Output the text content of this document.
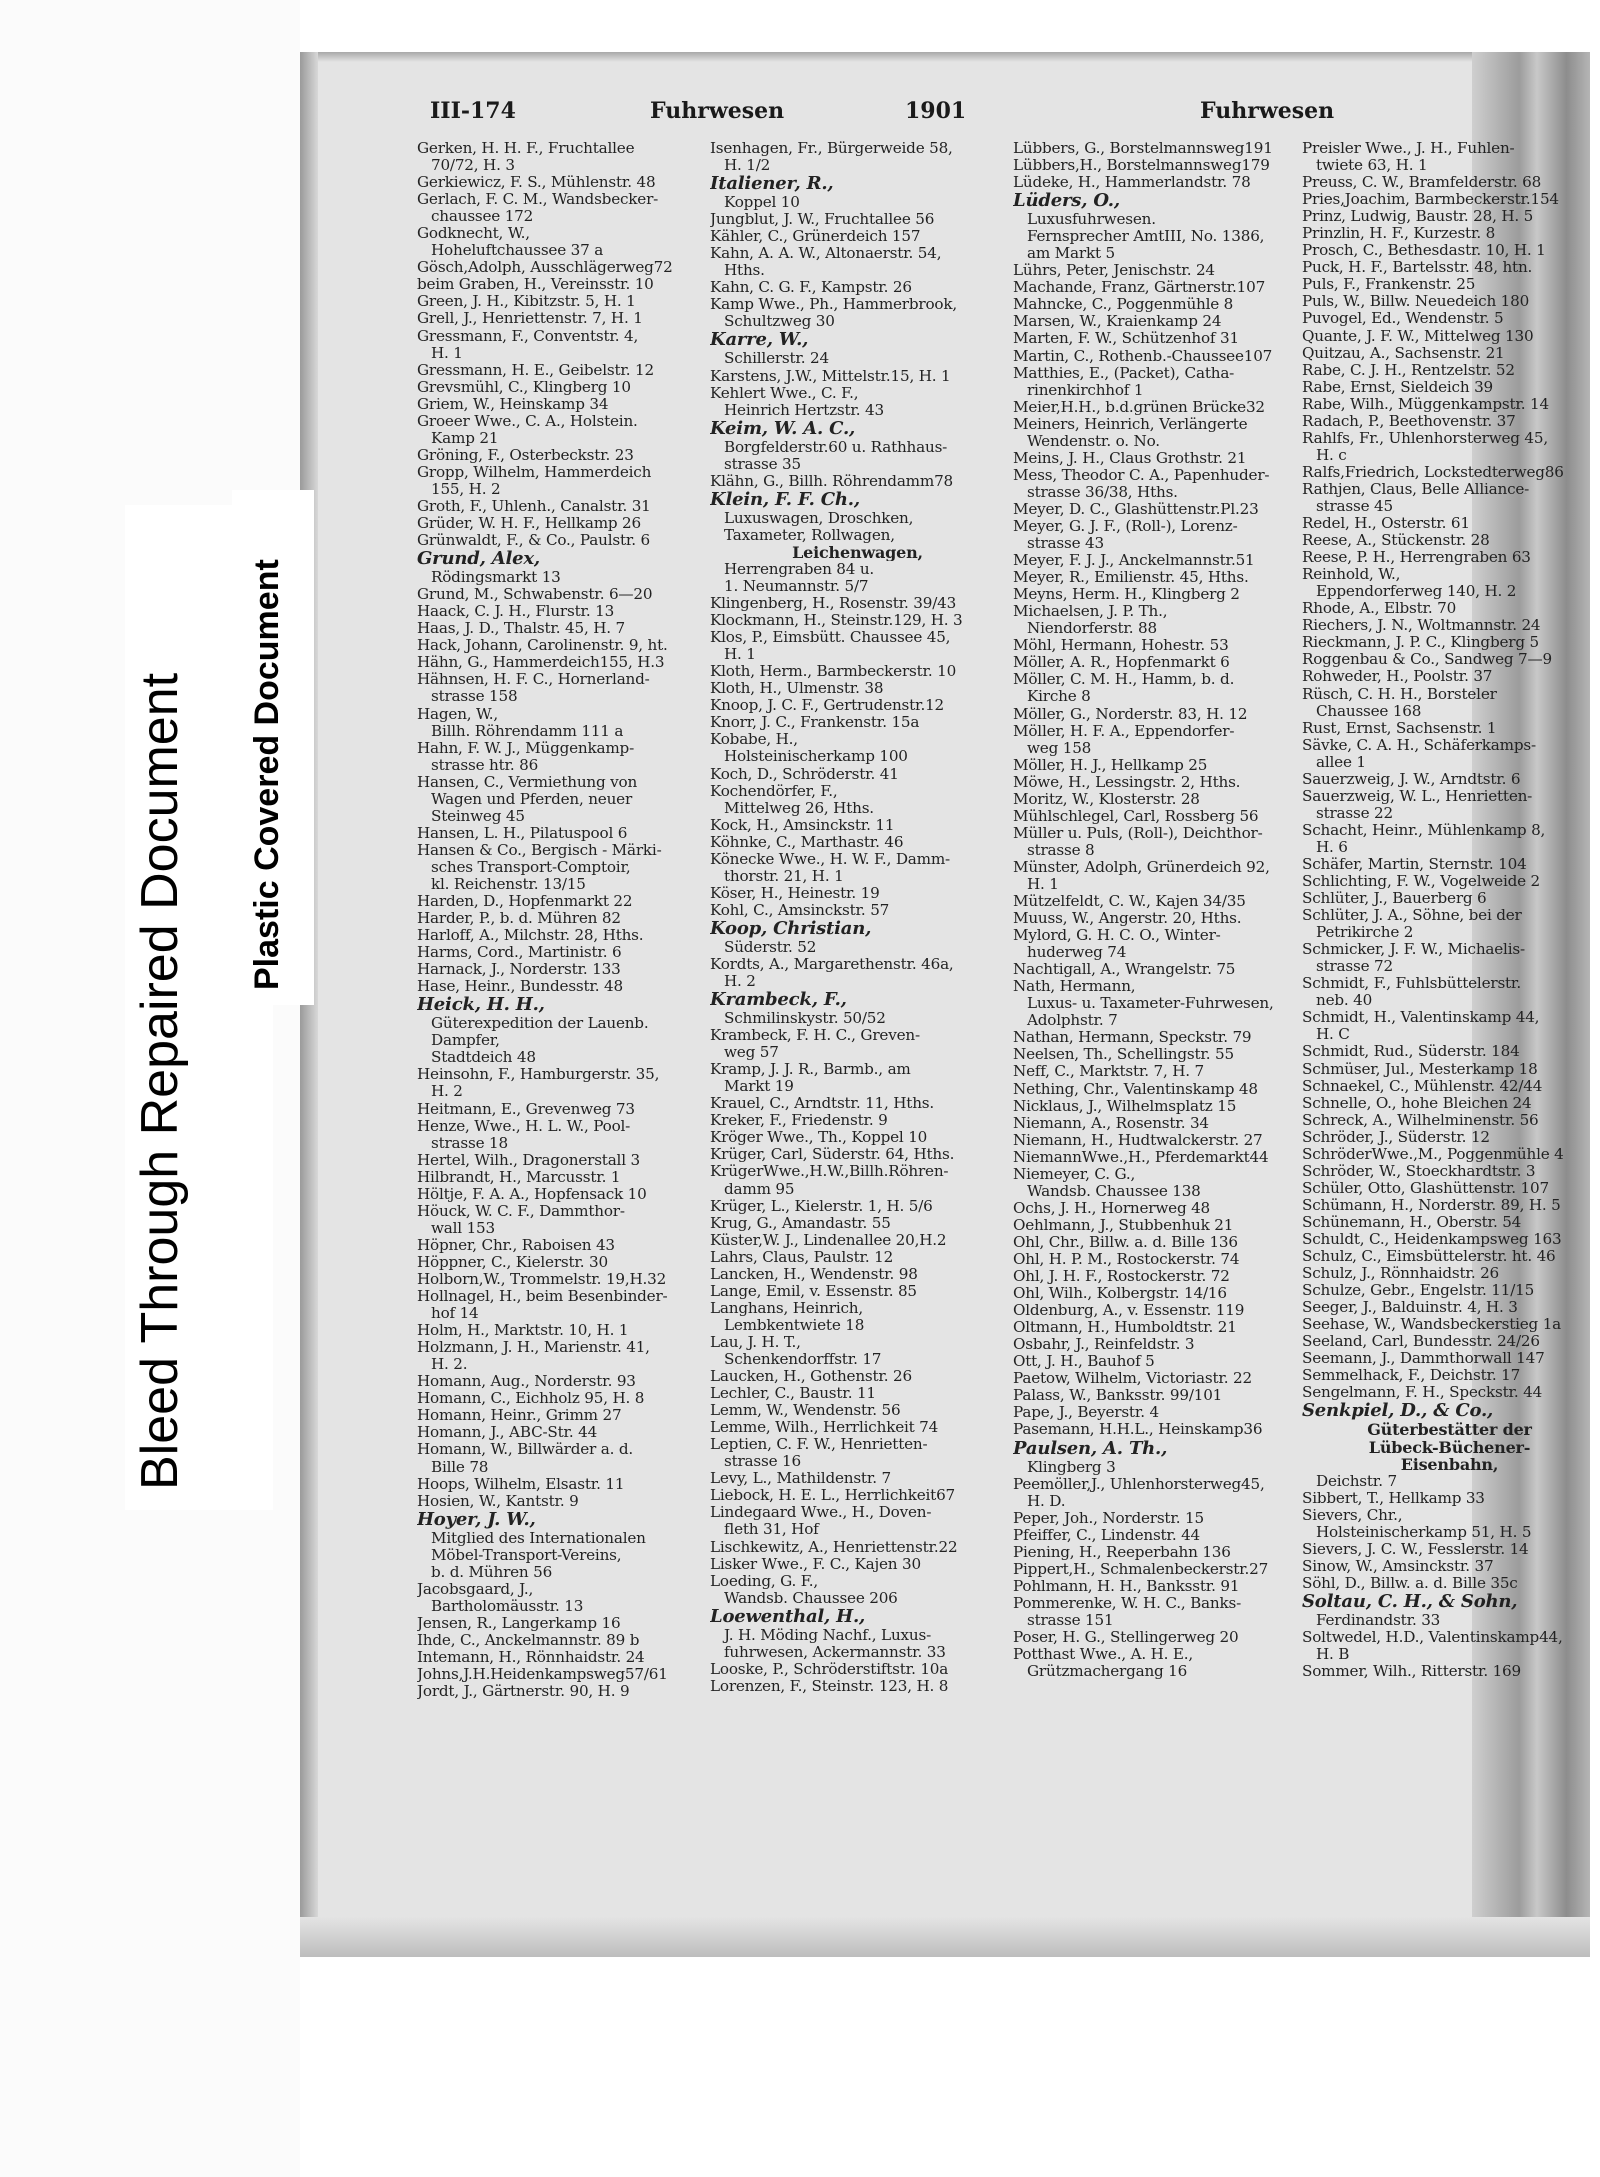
III-174	Fuhrwesen	1901	Fuhrwesen
Gerken, H. H. F., Fruchtallee
70/72, H. 3
Gerkiewicz, F. S., Mühlenstr. 48
Gerlach, F. C. M., Wandsbecker-
chaussee 172
Godknecht, W.,
Hoheluftchaussee 37 a
Gösch,Adolph, Ausschlägerweg72
beim Graben, H., Vereinsstr. 10
Green, J. H., Kibitzstr. 5, H. 1
Grell, J., Henriettenstr. 7, H. 1
Gressmann, F., Conventstr. 4,
H. 1
Gressmann, H. E., Geibelstr. 12
Grevsmühl, C., Klingberg 10
Griem, W., Heinskamp 34
Groeer Wwe., C. A., Holstein.
Kamp 21
Gröning, F., Osterbeckstr. 23
Gropp, Wilhelm, Hammerdeich
155, H. 2
Groth, F., Uhlenh., Canalstr. 31
Grüder, W. H. F., Hellkamp 26
Grünwaldt, F., & Co., Paulstr. 6
Grund, Alex,
Rödingsmarkt 13
Grund, M., Schwabenstr. 6—20
Haack, C. J. H., Flurstr. 13
Haas, J. D., Thalstr. 45, H. 7
Hack, Johann, Carolinenstr. 9, ht.
Hähn, G., Hammerdeich155, H.3
Hähnsen, H. F. C., Hornerland-
strasse 158
Hagen, W.,
Billh. Röhrendamm 111 a
Hahn, F. W. J., Müggenkamp-
strasse htr. 86
Hansen, C., Vermiethung von
Wagen und Pferden, neuer
Steinweg 45
Hansen, L. H., Pilatuspool 6
Hansen & Co., Bergisch - Märki-
sches Transport-Comptoir,
kl. Reichenstr. 13/15
Harden, D., Hopfenmarkt 22
Harder, P., b. d. Mühren 82
Harloff, A., Milchstr. 28, Hths.
Harms, Cord., Martinistr. 6
Harnack, J., Norderstr. 133
Hase, Heinr., Bundesstr. 48
Heick, H. H.,
Güterexpedition der Lauenb.
Dampfer,
Stadtdeich 48
Heinsohn, F., Hamburgerstr. 35,
H. 2
Heitmann, E., Grevenweg 73
Henze, Wwe., H. L. W., Pool-
strasse 18
Hertel, Wilh., Dragonerstall 3
Hilbrandt, H., Marcusstr. 1
Höltje, F. A. A., Hopfensack 10
Höuck, W. C. F., Dammthor-
wall 153
Höpner, Chr., Raboisen 43
Höppner, C., Kielerstr. 30
Holborn,W., Trommelstr. 19,H.32
Hollnagel, H., beim Besenbinder-
hof 14
Holm, H., Marktstr. 10, H. 1
Holzmann, J. H., Marienstr. 41,
H. 2.
Homann, Aug., Norderstr. 93
Homann, C., Eichholz 95, H. 8
Homann, Heinr., Grimm 27
Homann, J., ABC-Str. 44
Homann, W., Billwärder a. d.
Bille 78
Hoops, Wilhelm, Elsastr. 11
Hosien, W., Kantstr. 9
Hoyer, J. W.,
Mitglied des Internationalen
Möbel-Transport-Vereins,
b. d. Mühren 56
Jacobsgaard, J.,
Bartholomäusstr. 13
Jensen, R., Langerkamp 16
Ihde, C., Anckelmannstr. 89 b
Intemann, H., Rönnhaidstr. 24
Johns,J.H.Heidenkampsweg57/61
Jordt, J., Gärtnerstr. 90, H. 9
Isenhagen, Fr., Bürgerweide 58,
H. 1/2
Italiener, R.,
Koppel 10
Jungblut, J. W., Fruchtallee 56
Kähler, C., Grünerdeich 157
Kahn, A. A. W., Altonaerstr. 54,
Hths.
Kahn, C. G. F., Kampstr. 26
Kamp Wwe., Ph., Hammerbrook,
Schultzweg 30
Karre, W.,
Schillerstr. 24
Karstens, J.W., Mittelstr.15, H. 1
Kehlert Wwe., C. F.,
Heinrich Hertzstr. 43
Keim, W. A. C.,
Borgfelderstr.60 u. Rathhaus-
strasse 35
Klähn, G., Billh. Röhrendamm78
Klein, F. F. Ch.,
Luxuswagen, Droschken,
Taxameter, Rollwagen,
Leichenwagen,
Herrengraben 84 u.
1. Neumannstr. 5/7
Klingenberg, H., Rosenstr. 39/43
Klockmann, H., Steinstr.129, H. 3
Klos, P., Eimsbütt. Chaussee 45,
H. 1
Kloth, Herm., Barmbeckerstr. 10
Kloth, H., Ulmenstr. 38
Knoop, J. C. F., Gertrudenstr.12
Knorr, J. C., Frankenstr. 15a
Kobabe, H.,
Holsteinischerkamp 100
Koch, D., Schröderstr. 41
Kochendörfer, F.,
Mittelweg 26, Hths.
Kock, H., Amsinckstr. 11
Köhnke, C., Marthastr. 46
Könecke Wwe., H. W. F., Damm-
thorstr. 21, H. 1
Köser, H., Heinestr. 19
Kohl, C., Amsinckstr. 57
Koop, Christian,
Süderstr. 52
Kordts, A., Margarethenstr. 46a,
H. 2
Krambeck, F.,
Schmilinskystr. 50/52
Krambeck, F. H. C., Greven-
weg 57
Kramp, J. J. R., Barmb., am
Markt 19
Krauel, C., Arndtstr. 11, Hths.
Kreker, F., Friedenstr. 9
Kröger Wwe., Th., Koppel 10
Krüger, Carl, Süderstr. 64, Hths.
KrügerWwe.,H.W.,Billh.Röhren-
damm 95
Krüger, L., Kielerstr. 1, H. 5/6
Krug, G., Amandastr. 55
Küster,W. J., Lindenallee 20,H.2
Lahrs, Claus, Paulstr. 12
Lancken, H., Wendenstr. 98
Lange, Emil, v. Essenstr. 85
Langhans, Heinrich,
Lembkentwiete 18
Lau, J. H. T.,
Schenkendorffstr. 17
Laucken, H., Gothenstr. 26
Lechler, C., Baustr. 11
Lemm, W., Wendenstr. 56
Lemme, Wilh., Herrlichkeit 74
Leptien, C. F. W., Henrietten-
strasse 16
Levy, L., Mathildenstr. 7
Liebock, H. E. L., Herrlichkeit67
Lindegaard Wwe., H., Doven-
fleth 31, Hof
Lischkewitz, A., Henriettenstr.22
Lisker Wwe., F. C., Kajen 30
Loeding, G. F.,
Wandsb. Chaussee 206
Loewenthal, H.,
J. H. Möding Nachf., Luxus-
fuhrwesen, Ackermannstr. 33
Looske, P., Schröderstiftstr. 10a
Lorenzen, F., Steinstr. 123, H. 8
Lübbers, G., Borstelmannsweg191
Lübbers,H., Borstelmannsweg179
Lüdeke, H., Hammerlandstr. 78
Lüders, O.,
Luxusfuhrwesen.
Fernsprecher AmtIII, No. 1386,
am Markt 5
Lührs, Peter, Jenischstr. 24
Machande, Franz, Gärtnerstr.107
Mahncke, C., Poggenmühle 8
Marsen, W., Kraienkamp 24
Marten, F. W., Schützenhof 31
Martin, C., Rothenb.-Chaussee107
Matthies, E., (Packet), Catha-
rinenkirchhof 1
Meier,H.H., b.d.grünen Brücke32
Meiners, Heinrich, Verlängerte
Wendenstr. o. No.
Meins, J. H., Claus Grothstr. 21
Mess, Theodor C. A., Papenhuder-
strasse 36/38, Hths.
Meyer, D. C., Glashüttenstr.Pl.23
Meyer, G. J. F., (Roll-), Lorenz-
strasse 43
Meyer, F. J. J., Anckelmannstr.51
Meyer, R., Emilienstr. 45, Hths.
Meyns, Herm. H., Klingberg 2
Michaelsen, J. P. Th.,
Niendorferstr. 88
Möhl, Hermann, Hohestr. 53
Möller, A. R., Hopfenmarkt 6
Möller, C. M. H., Hamm, b. d.
Kirche 8
Möller, G., Norderstr. 83, H. 12
Möller, H. F. A., Eppendorfer-
weg 158
Möller, H. J., Hellkamp 25
Möwe, H., Lessingstr. 2, Hths.
Moritz, W., Klosterstr. 28
Mühlschlegel, Carl, Rossberg 56
Müller u. Puls, (Roll-), Deichthor-
strasse 8
Münster, Adolph, Grünerdeich 92,
H. 1
Mützelfeldt, C. W., Kajen 34/35
Muuss, W., Angerstr. 20, Hths.
Mylord, G. H. C. O., Winter-
huderweg 74
Nachtigall, A., Wrangelstr. 75
Nath, Hermann,
Luxus- u. Taxameter-Fuhrwesen,
Adolphstr. 7
Nathan, Hermann, Speckstr. 79
Neelsen, Th., Schellingstr. 55
Neff, C., Marktstr. 7, H. 7
Nething, Chr., Valentinskamp 48
Nicklaus, J., Wilhelmsplatz 15
Niemann, A., Rosenstr. 34
Niemann, H., Hudtwalckerstr. 27
NiemannWwe.,H., Pferdemarkt44
Niemeyer, C. G.,
Wandsb. Chaussee 138
Ochs, J. H., Hornerweg 48
Oehlmann, J., Stubbenhuk 21
Ohl, Chr., Billw. a. d. Bille 136
Ohl, H. P. M., Rostockerstr. 74
Ohl, J. H. F., Rostockerstr. 72
Ohl, Wilh., Kolbergstr. 14/16
Oldenburg, A., v. Essenstr. 119
Oltmann, H., Humboldtstr. 21
Osbahr, J., Reinfeldstr. 3
Ott, J. H., Bauhof 5
Paetow, Wilhelm, Victoriastr. 22
Palass, W., Banksstr. 99/101
Pape, J., Beyerstr. 4
Pasemann, H.H.L., Heinskamp36
Paulsen, A. Th.,
Klingberg 3
Peemöller,J., Uhlenhorsterweg45,
H. D.
Peper, Joh., Norderstr. 15
Pfeiffer, C., Lindenstr. 44
Piening, H., Reeperbahn 136
Pippert,H., Schmalenbeckerstr.27
Pohlmann, H. H., Banksstr. 91
Pommerenke, W. H. C., Banks-
strasse 151
Poser, H. G., Stellingerweg 20
Potthast Wwe., A. H. E.,
Grützmachergang 16
Preisler Wwe., J. H., Fuhlen-
twiete 63, H. 1
Preuss, C. W., Bramfelderstr. 68
Pries,Joachim, Barmbeckerstr.154
Prinz, Ludwig, Baustr. 28, H. 5
Prinzlin, H. F., Kurzestr. 8
Prosch, C., Bethesdastr. 10, H. 1
Puck, H. F., Bartelsstr. 48, htn.
Puls, F., Frankenstr. 25
Puls, W., Billw. Neuedeich 180
Puvogel, Ed., Wendenstr. 5
Quante, J. F. W., Mittelweg 130
Quitzau, A., Sachsenstr. 21
Rabe, C. J. H., Rentzelstr. 52
Rabe, Ernst, Sieldeich 39
Rabe, Wilh., Müggenkampstr. 14
Radach, P., Beethovenstr. 37
Rahlfs, Fr., Uhlenhorsterweg 45,
H. c
Ralfs,Friedrich, Lockstedterweg86
Rathjen, Claus, Belle Alliance-
strasse 45
Redel, H., Osterstr. 61
Reese, A., Stückenstr. 28
Reese, P. H., Herrengraben 63
Reinhold, W.,
Eppendorferweg 140, H. 2
Rhode, A., Elbstr. 70
Riechers, J. N., Woltmannstr. 24
Rieckmann, J. P. C., Klingberg 5
Roggenbau & Co., Sandweg 7—9
Rohweder, H., Poolstr. 37
Rüsch, C. H. H., Borsteler
Chaussee 168
Rust, Ernst, Sachsenstr. 1
Sävke, C. A. H., Schäferkamps-
allee 1
Sauerzweig, J. W., Arndtstr. 6
Sauerzweig, W. L., Henrietten-
strasse 22
Schacht, Heinr., Mühlenkamp 8,
H. 6
Schäfer, Martin, Sternstr. 104
Schlichting, F. W., Vogelweide 2
Schlüter, J., Bauerberg 6
Schlüter, J. A., Söhne, bei der
Petrikirche 2
Schmicker, J. F. W., Michaelis-
strasse 72
Schmidt, F., Fuhlsbüttelerstr.
neb. 40
Schmidt, H., Valentinskamp 44,
H. C
Schmidt, Rud., Süderstr. 184
Schmüser, Jul., Mesterkamp 18
Schnaekel, C., Mühlenstr. 42/44
Schnelle, O., hohe Bleichen 24
Schreck, A., Wilhelminenstr. 56
Schröder, J., Süderstr. 12
SchröderWwe.,M., Poggenmühle 4
Schröder, W., Stoeckhardtstr. 3
Schüler, Otto, Glashüttenstr. 107
Schümann, H., Norderstr. 89, H. 5
Schünemann, H., Oberstr. 54
Schuldt, C., Heidenkampsweg 163
Schulz, C., Eimsbüttelerstr. ht. 46
Schulz, J., Rönnhaidstr. 26
Schulze, Gebr., Engelstr. 11/15
Seeger, J., Balduinstr. 4, H. 3
Seehase, W., Wandsbeckerstieg 1a
Seeland, Carl, Bundesstr. 24/26
Seemann, J., Dammthorwall 147
Semmelhack, F., Deichstr. 17
Sengelmann, F. H., Speckstr. 44
Senkpiel, D., & Co.,
Güterbestätter der
Lübeck-Büchener-
Eisenbahn,
Deichstr. 7
Sibbert, T., Hellkamp 33
Sievers, Chr.,
Holsteinischerkamp 51, H. 5
Sievers, J. C. W., Fesslerstr. 14
Sinow, W., Amsinckstr. 37
Söhl, D., Billw. a. d. Bille 35c
Soltau, C. H., & Sohn,
Ferdinandstr. 33
Soltwedel, H.D., Valentinskamp44,
H. B
Sommer, Wilh., Ritterstr. 169
Bleed Through Repaired Document Plastic Covered Document
